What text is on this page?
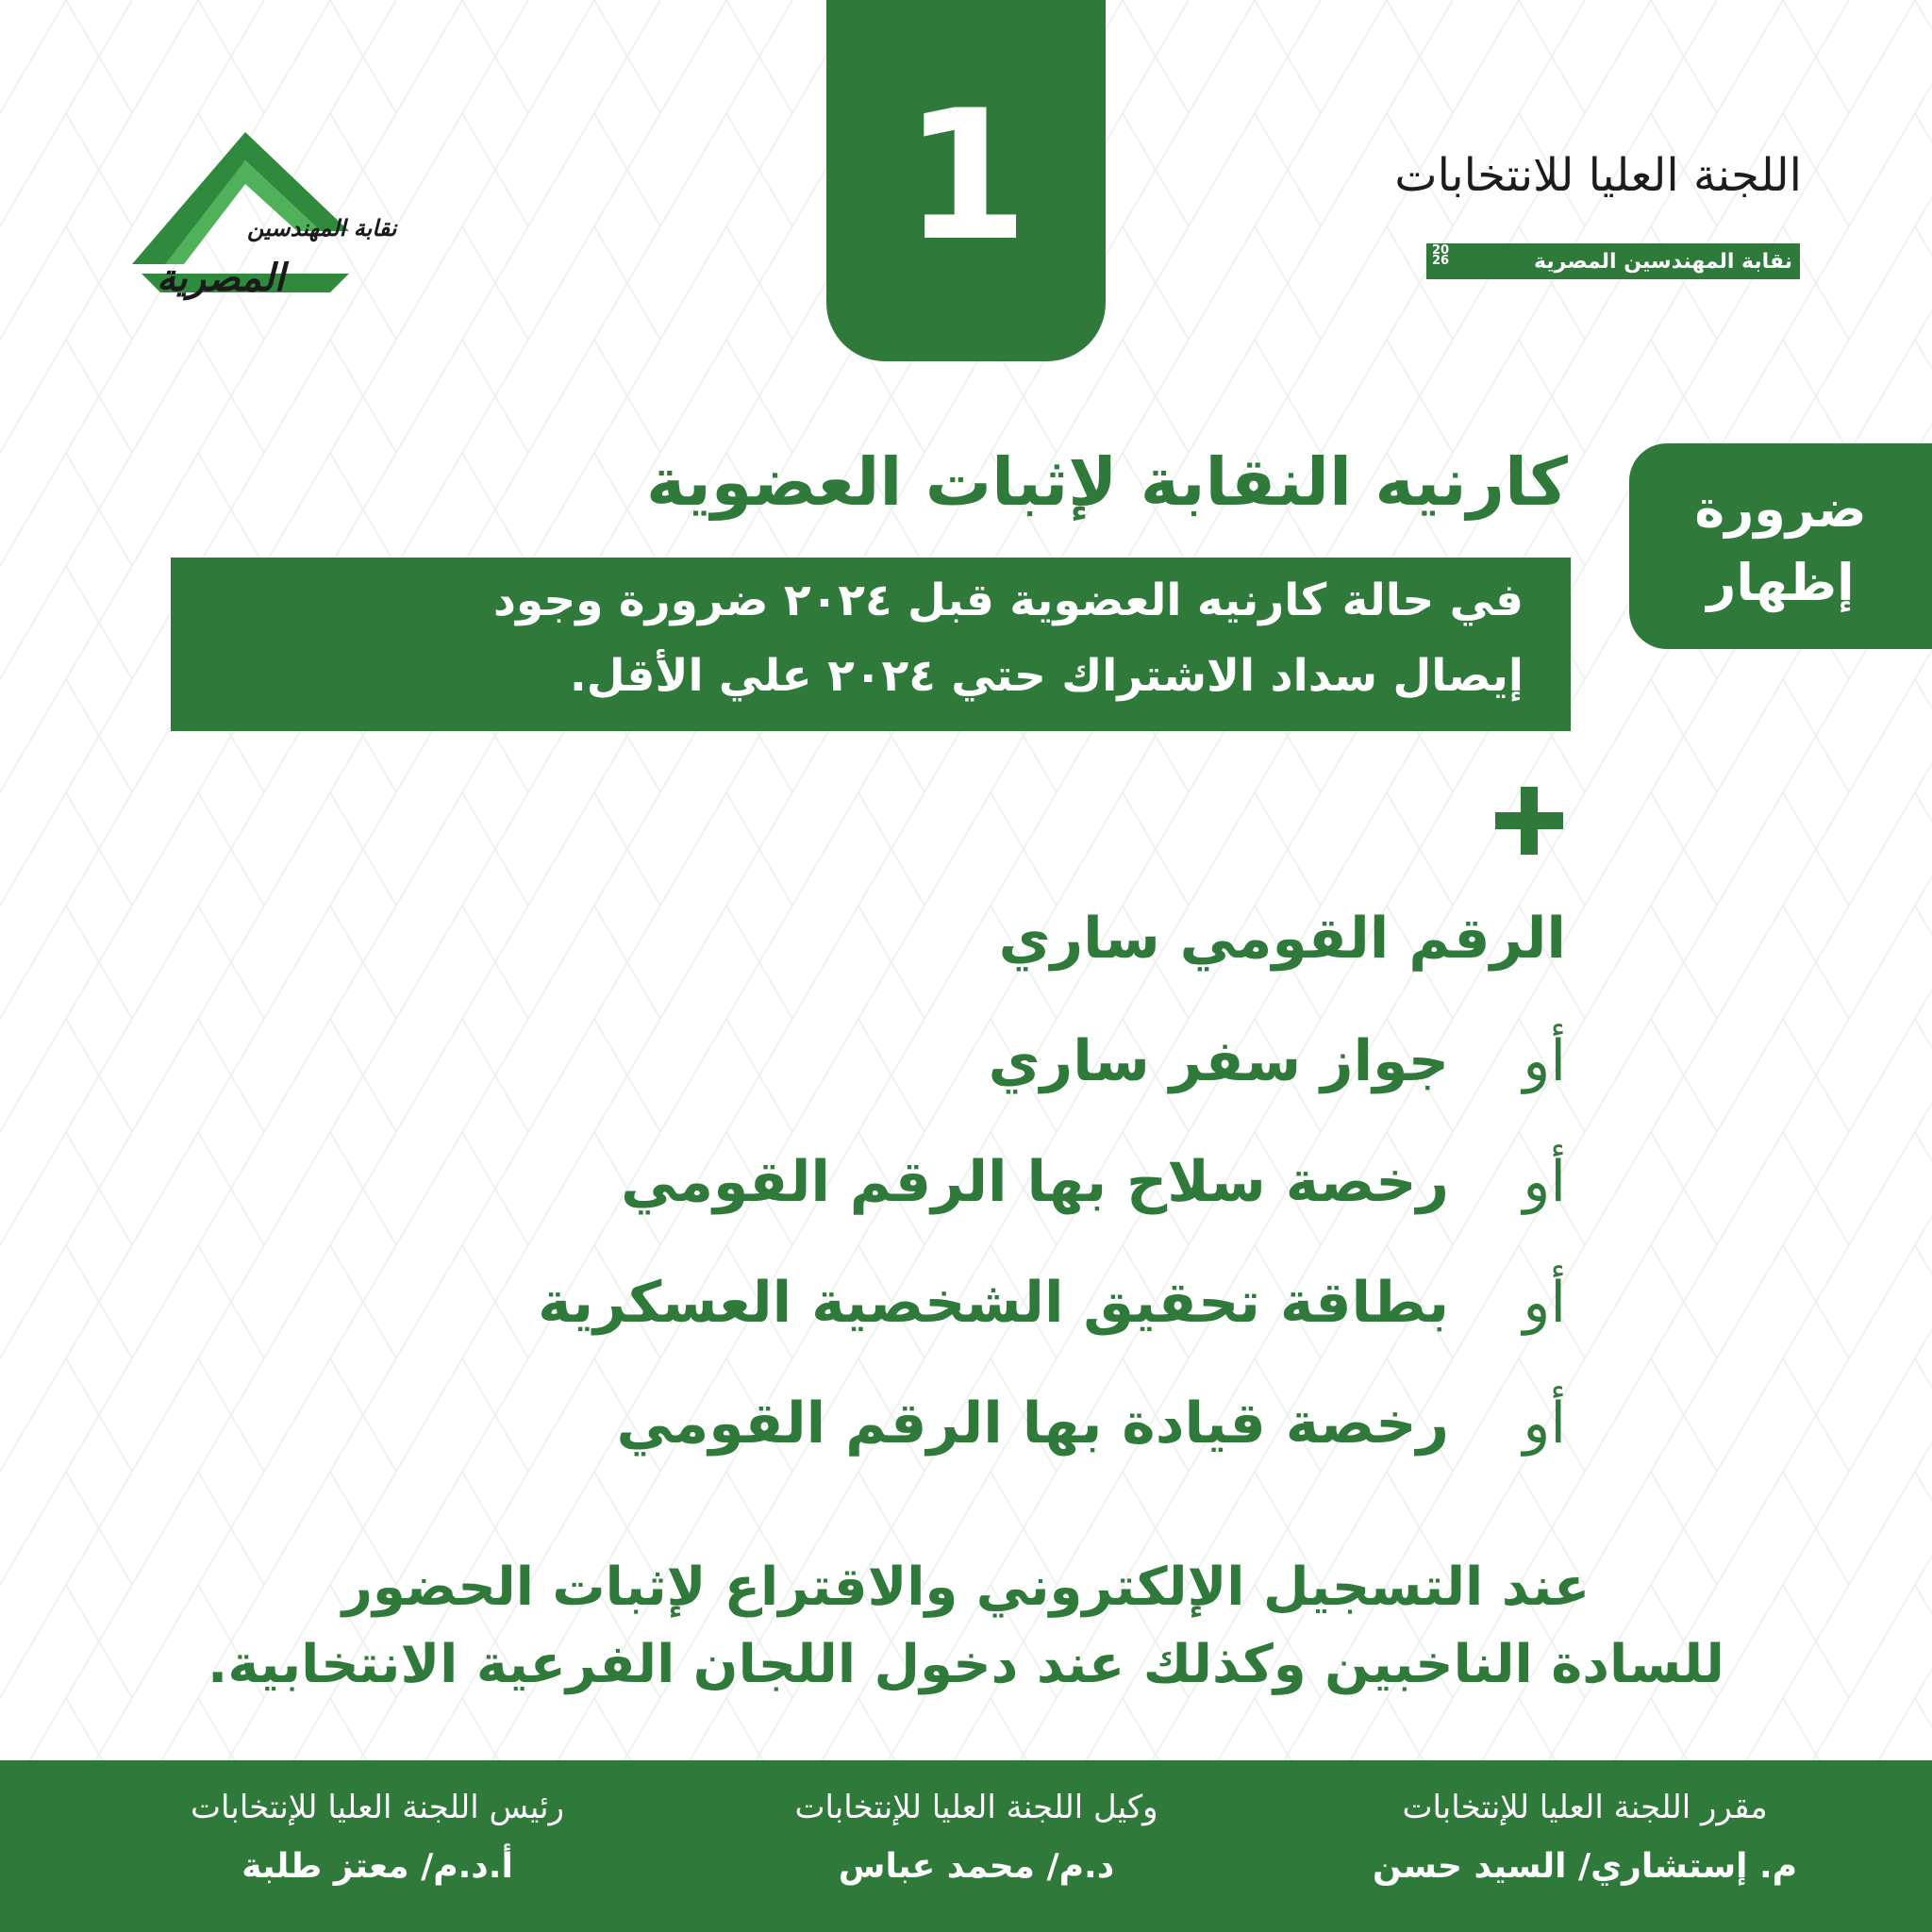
نقابة المهندسين
المصرية	1	اللجنة العليا للانتخابات
نقابة المهندسين المصرية
20
26
ضرورة
إظهار
كارنيه النقابة لإثبات العضوية
في حالة كارنيه العضوية قبل ٢٠٢٤ ضرورة وجود
إيصال سداد الاشتراك حتي ٢٠٢٤ علي الأقل.
الرقم القومي ساري
أو
جواز سفر ساري
أو
رخصة سلاح بها الرقم القومي
أو
بطاقة تحقيق الشخصية العسكرية
أو
رخصة قيادة بها الرقم القومي
عند التسجيل الإلكتروني والاقتراع لإثبات الحضور
للسادة الناخبين وكذلك عند دخول اللجان الفرعية الانتخابية.
مقرر اللجنة العليا للإنتخابات
م. إستشاري/ السيد حسن
وكيل اللجنة العليا للإنتخابات
د.م/ محمد عباس
رئيس اللجنة العليا للإنتخابات
أ.د.م/ معتز طلبة
